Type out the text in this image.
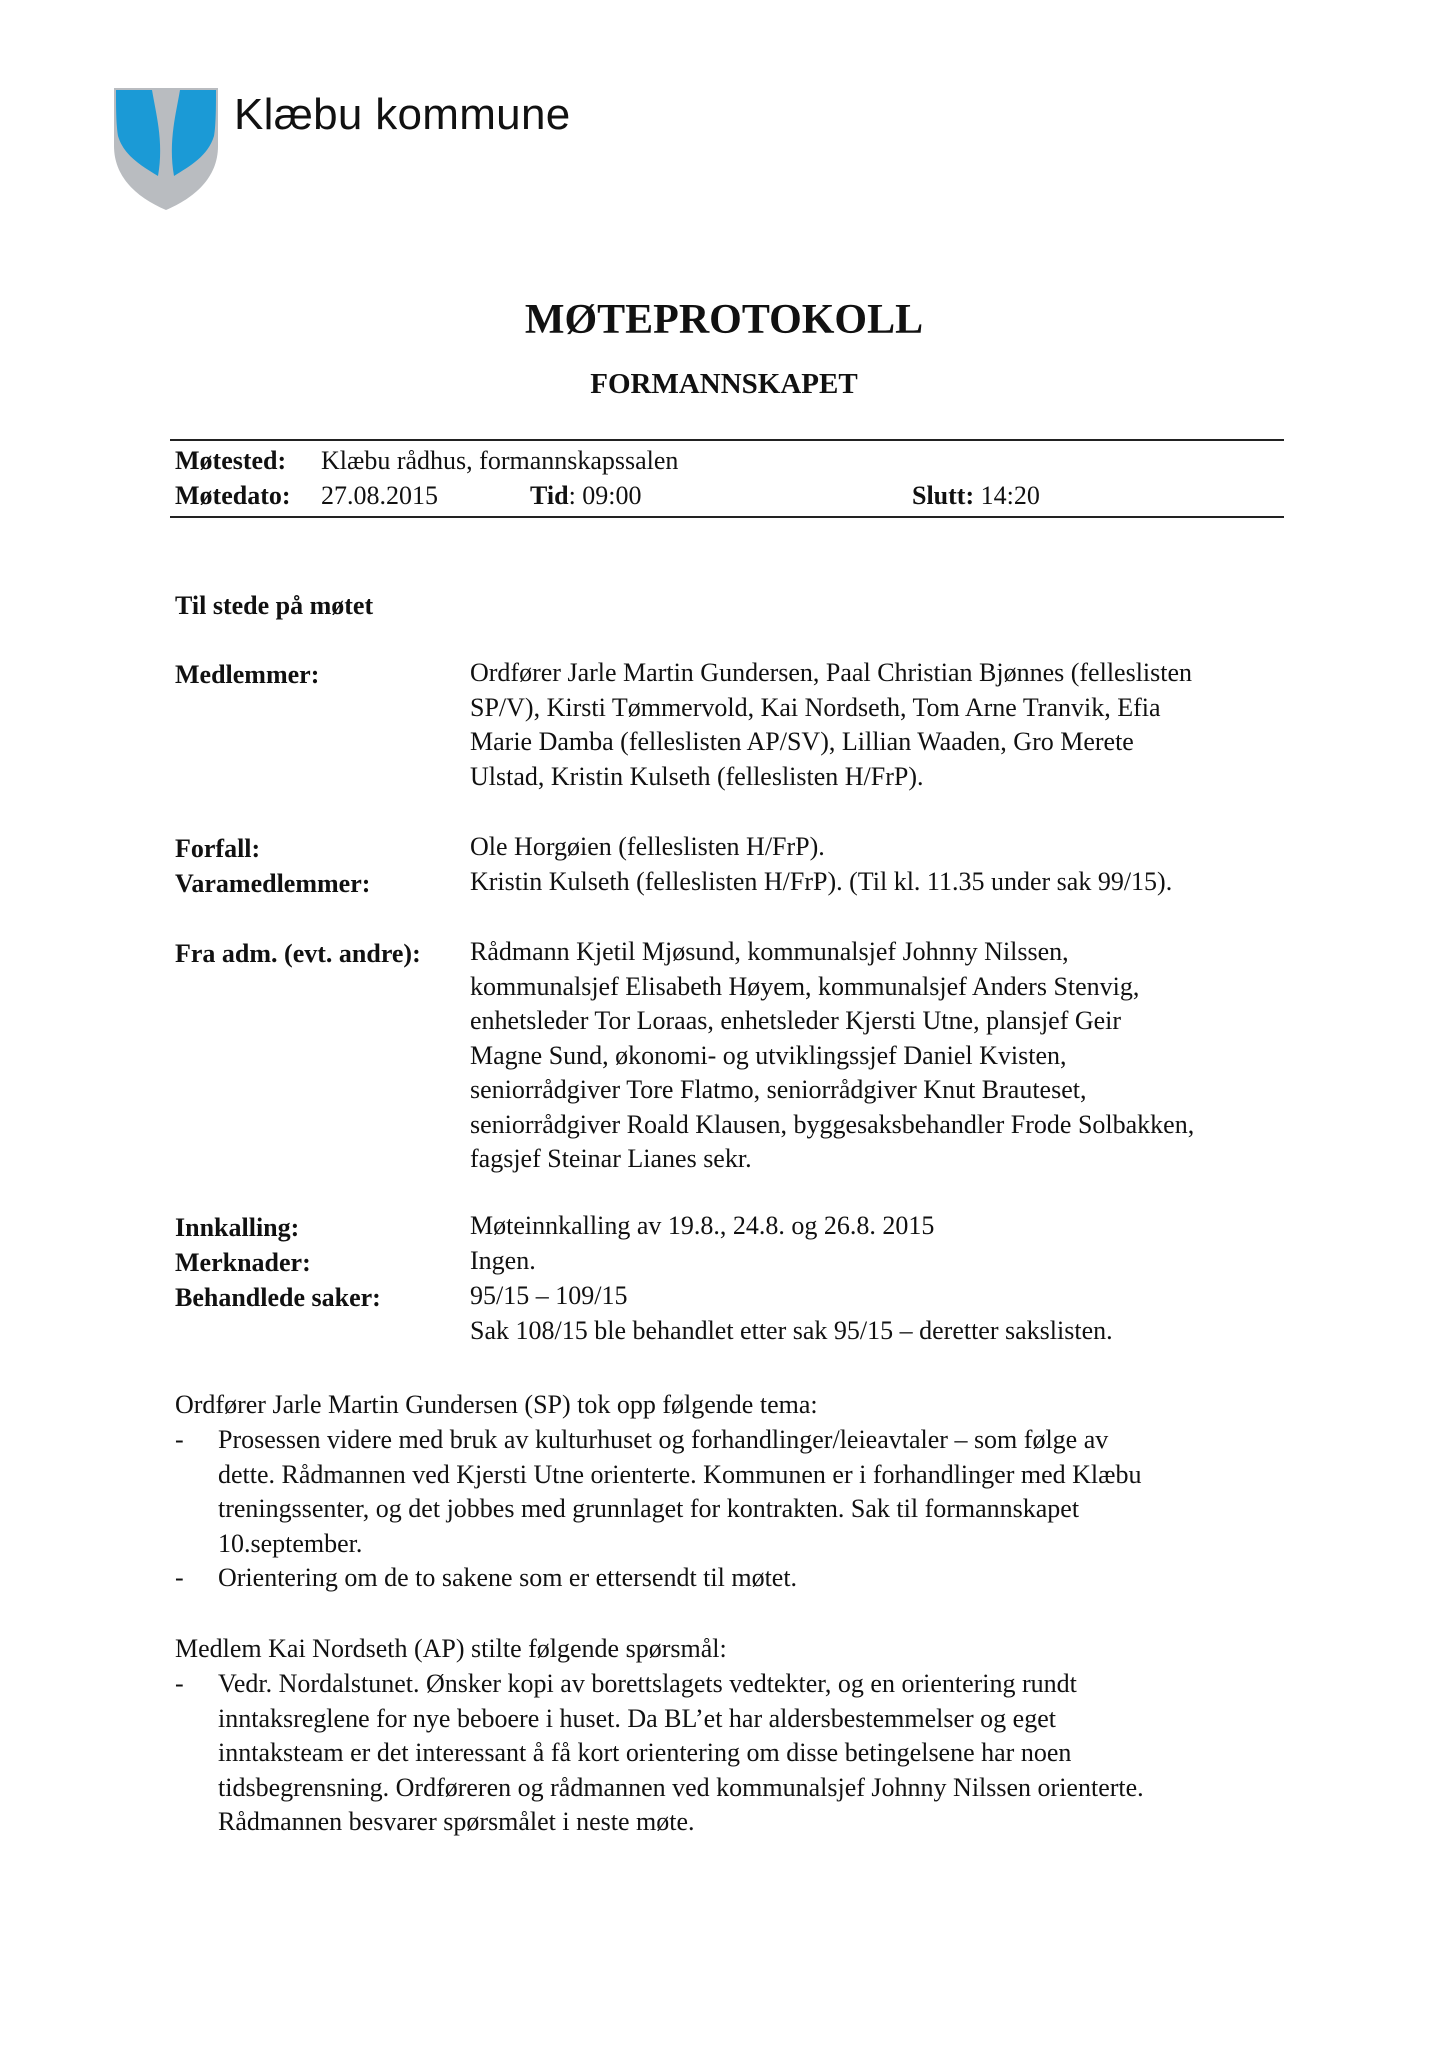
Klæbu kommune
MØTEPROTOKOLL
FORMANNSKAPET
Møtested: Klæbu rådhus, formannskapssalen
Møtedato: 27.08.2015	Tid: 09:00	Slutt: 14:20
Til stede på møtet
Medlemmer:	Ordfører Jarle Martin Gundersen, Paal Christian Bjønnes (felleslisten
SP/V), Kirsti Tømmervold, Kai Nordseth, Tom Arne Tranvik, Efia
Marie Damba (felleslisten AP/SV), Lillian Waaden, Gro Merete
Ulstad, Kristin Kulseth (felleslisten H/FrP).
Forfall:	Ole Horgøien (felleslisten H/FrP).
Varamedlemmer:	Kristin Kulseth (felleslisten H/FrP). (Til kl. 11.35 under sak 99/15).
Fra adm. (evt. andre): Rådmann Kjetil Mjøsund, kommunalsjef Johnny Nilssen,
kommunalsjef Elisabeth Høyem, kommunalsjef Anders Stenvig,
enhetsleder Tor Loraas, enhetsleder Kjersti Utne, plansjef Geir
Magne Sund, økonomi- og utviklingssjef Daniel Kvisten,
seniorrådgiver Tore Flatmo, seniorrådgiver Knut Brauteset,
seniorrådgiver Roald Klausen, byggesaksbehandler Frode Solbakken,
fagsjef Steinar Lianes sekr.
Innkalling:	Møteinnkalling av 19.8., 24.8. og 26.8. 2015
Merknader:	Ingen.
Behandlede saker:	95/15 – 109/15
Sak 108/15 ble behandlet etter sak 95/15 – deretter sakslisten.
Ordfører Jarle Martin Gundersen (SP) tok opp følgende tema:
- Prosessen videre med bruk av kulturhuset og forhandlinger/leieavtaler – som følge av
dette. Rådmannen ved Kjersti Utne orienterte. Kommunen er i forhandlinger med Klæbu
treningssenter, og det jobbes med grunnlaget for kontrakten. Sak til formannskapet
10.september.
- Orientering om de to sakene som er ettersendt til møtet.
Medlem Kai Nordseth (AP) stilte følgende spørsmål:
- Vedr. Nordalstunet. Ønsker kopi av borettslagets vedtekter, og en orientering rundt
inntaksreglene for nye beboere i huset. Da BL’et har aldersbestemmelser og eget
inntaksteam er det interessant å få kort orientering om disse betingelsene har noen
tidsbegrensning. Ordføreren og rådmannen ved kommunalsjef Johnny Nilssen orienterte.
Rådmannen besvarer spørsmålet i neste møte.
